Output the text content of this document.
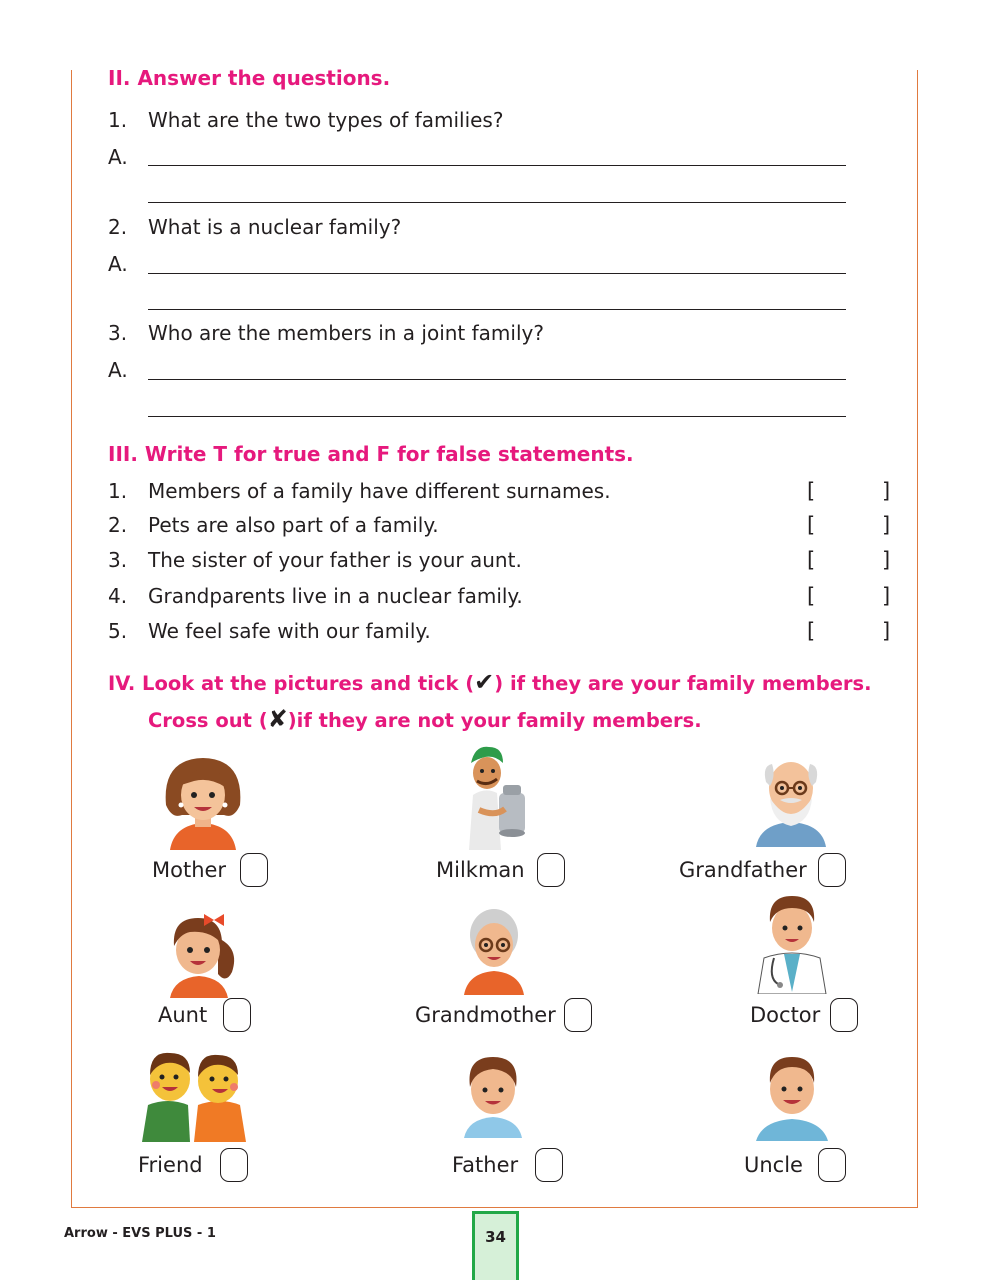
II. Answer the questions.
1. What are the two types of families?
A.
2. What is a nuclear family?
A.
3. Who are the members in a joint family?
A.
III. Write T for true and F for false statements.
1. Members of a family have different surnames.	[	]
2. Pets are also part of a family.	[	]
3. The sister of your father is your aunt.	[	]
4. Grandparents live in a nuclear family.	[	]
5. We feel safe with our family.	[	]
IV. Look at the pictures and tick (✔) if they are your family members.
Cross out (✘)if they are not your family members.
Mother	Milkman	Grandfather
Aunt	Grandmother	Doctor
Friend	Father	Uncle
Arrow - EVS PLUS - 1	34
